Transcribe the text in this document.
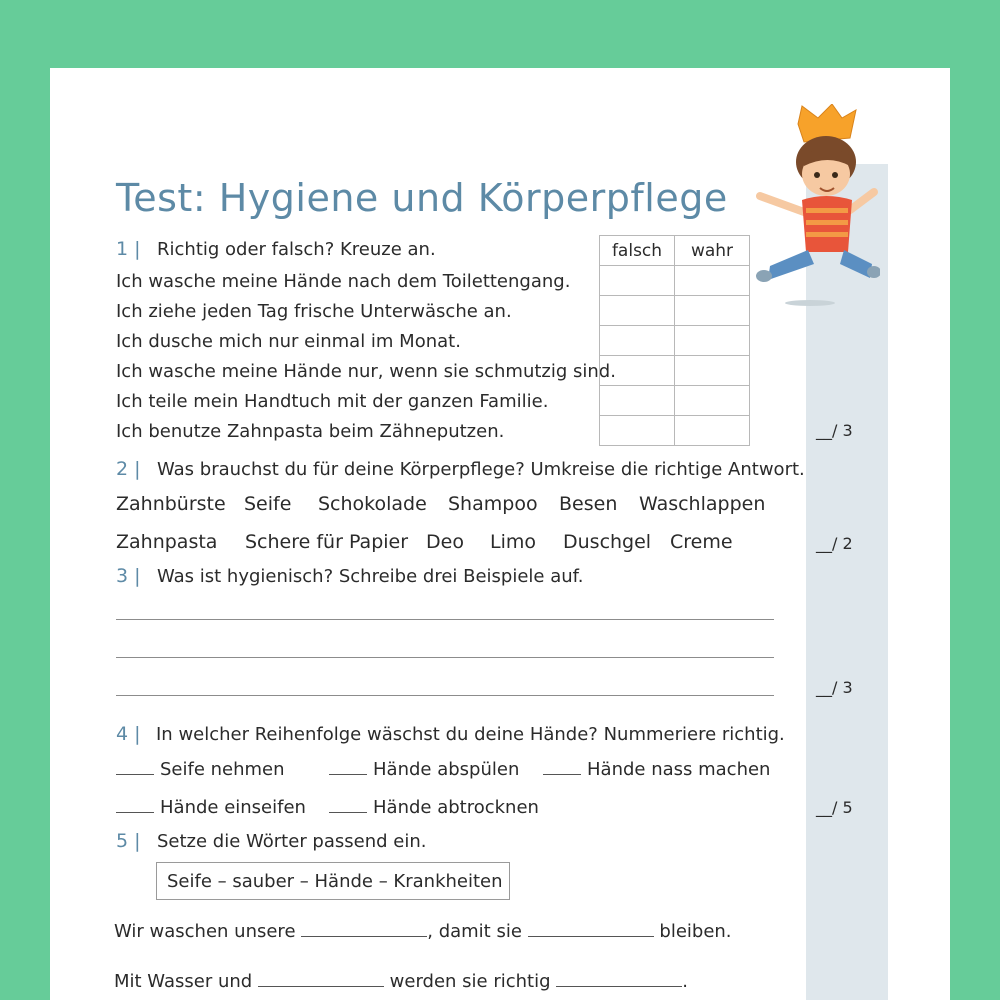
Test: Hygiene und Körperpflege
1 | Richtig oder falsch? Kreuze an.
Ich wasche meine Hände nach dem Toilettengang.
Ich ziehe jeden Tag frische Unterwäsche an.
Ich dusche mich nur einmal im Monat.
Ich wasche meine Hände nur, wenn sie schmutzig sind.
Ich teile mein Handtuch mit der ganzen Familie.
Ich benutze Zahnpasta beim Zähneputzen.
falsch	wahr

__/ 3
2 | Was brauchst du für deine Körperpflege? Umkreise die richtige Antwort.
Zahnbürste Seife Schokolade Shampoo Besen Waschlappen
Zahnpasta Schere für Papier Deo Limo Duschgel Creme	__/ 2
3 | Was ist hygienisch? Schreibe drei Beispiele auf.
__/ 3
4 | In welcher Reihenfolge wäschst du deine Hände? Nummeriere richtig.
Seife nehmen	Hände abspülen	Hände nass machen
Hände einseifen	Hände abtrocknen	__/ 5
5 | Setze die Wörter passend ein.
Seife – sauber – Hände – Krankheiten
Wir waschen unsere	, damit sie	bleiben.
Mit Wasser und	werden sie richtig	.
